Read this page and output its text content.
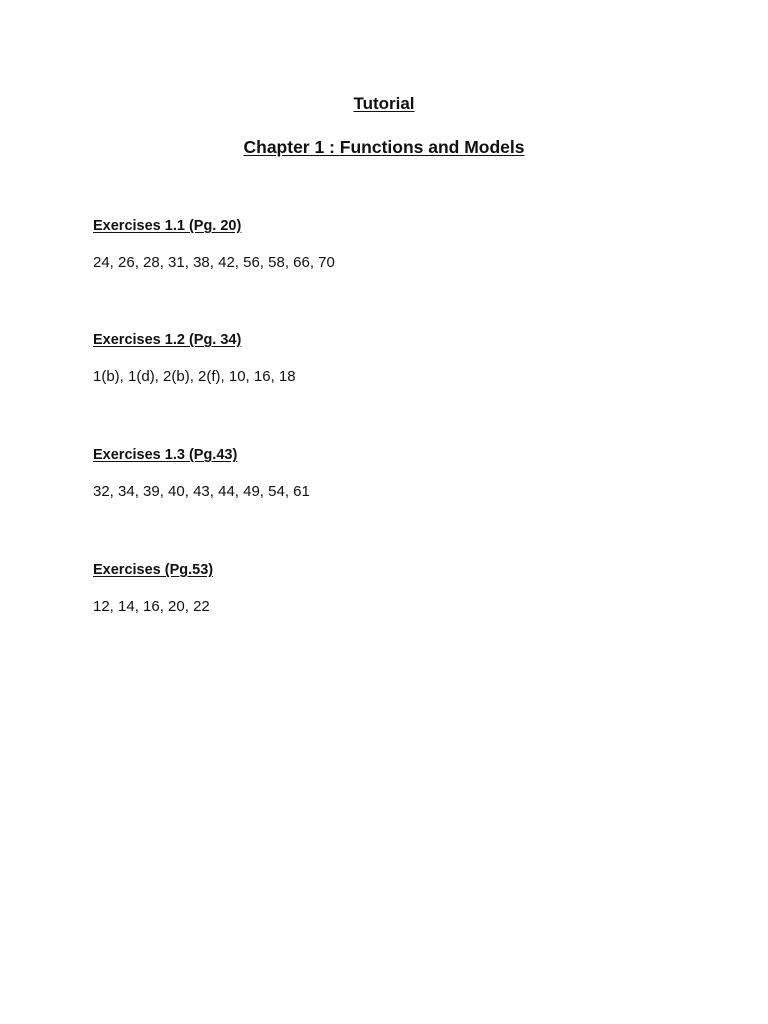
Tutorial
Chapter 1 : Functions and Models
Exercises 1.1 (Pg. 20)

24, 26, 28, 31, 38, 42, 56, 58, 66, 70

Exercises 1.2 (Pg. 34)

1(b), 1(d), 2(b), 2(f), 10, 16, 18

Exercises 1.3 (Pg.43)

32, 34, 39, 40, 43, 44, 49, 54, 61

Exercises (Pg.53)

12, 14, 16, 20, 22
